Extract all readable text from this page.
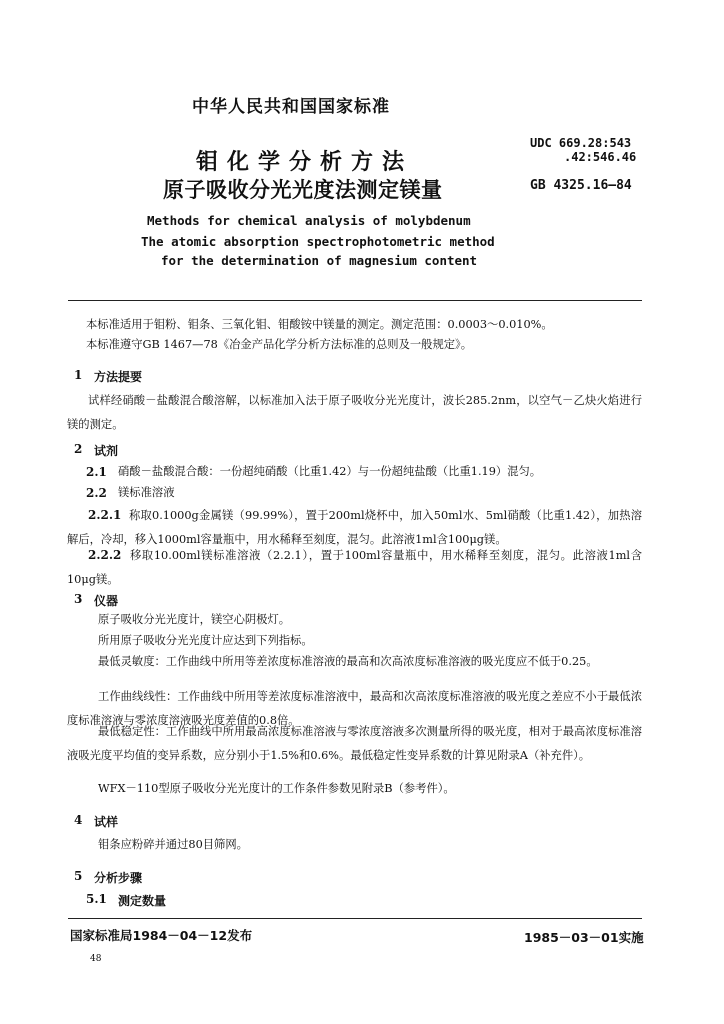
中华人民共和国国家标准
钼化学分析方法
原子吸收分光光度法测定镁量
UDC 669.28:543
.42:546.46
GB 4325.16—84
Methods for chemical analysis of molybdenum
The atomic absorption spectrophotometric method
for the determination of magnesium content
本标准适用于钼粉、钼条、三氧化钼、钼酸铵中镁量的测定。测定范围：0.0003～0.010%。
本标准遵守GB 1467—78《冶金产品化学分析方法标准的总则及一般规定》。
1 方法提要
试样经硝酸－盐酸混合酸溶解，以标准加入法于原子吸收分光光度计，波长285.2nm，以空气－乙炔火焰进行镁的测定。
2 试剂
2.1 硝酸－盐酸混合酸：一份超纯硝酸（比重1.42）与一份超纯盐酸（比重1.19）混匀。
2.2 镁标准溶液
2.2.1 称取0.1000g金属镁（99.99%），置于200ml烧杯中，加入50ml水、5ml硝酸（比重1.42），加热溶解后，冷却，移入1000ml容量瓶中，用水稀释至刻度，混匀。此溶液1ml含100μg镁。
2.2.2 移取10.00ml镁标准溶液（2.2.1），置于100ml容量瓶中，用水稀释至刻度，混匀。此溶液1ml含10μg镁。
3 仪器
原子吸收分光光度计，镁空心阴极灯。
所用原子吸收分光光度计应达到下列指标。
最低灵敏度：工作曲线中所用等差浓度标准溶液的最高和次高浓度标准溶液的吸光度应不低于0.25。
工作曲线线性：工作曲线中所用等差浓度标准溶液中，最高和次高浓度标准溶液的吸光度之差应不小于最低浓度标准溶液与零浓度溶液吸光度差值的0.8倍。
最低稳定性：工作曲线中所用最高浓度标准溶液与零浓度溶液多次测量所得的吸光度，相对于最高浓度标准溶液吸光度平均值的变异系数，应分别小于1.5%和0.6%。最低稳定性变异系数的计算见附录A（补充件）。
WFX－110型原子吸收分光光度计的工作条件参数见附录B（参考件）。
4 试样
钼条应粉碎并通过80目筛网。
5 分析步骤
5.1 测定数量
国家标准局1984－04－12发布	1985－03－01实施
48
